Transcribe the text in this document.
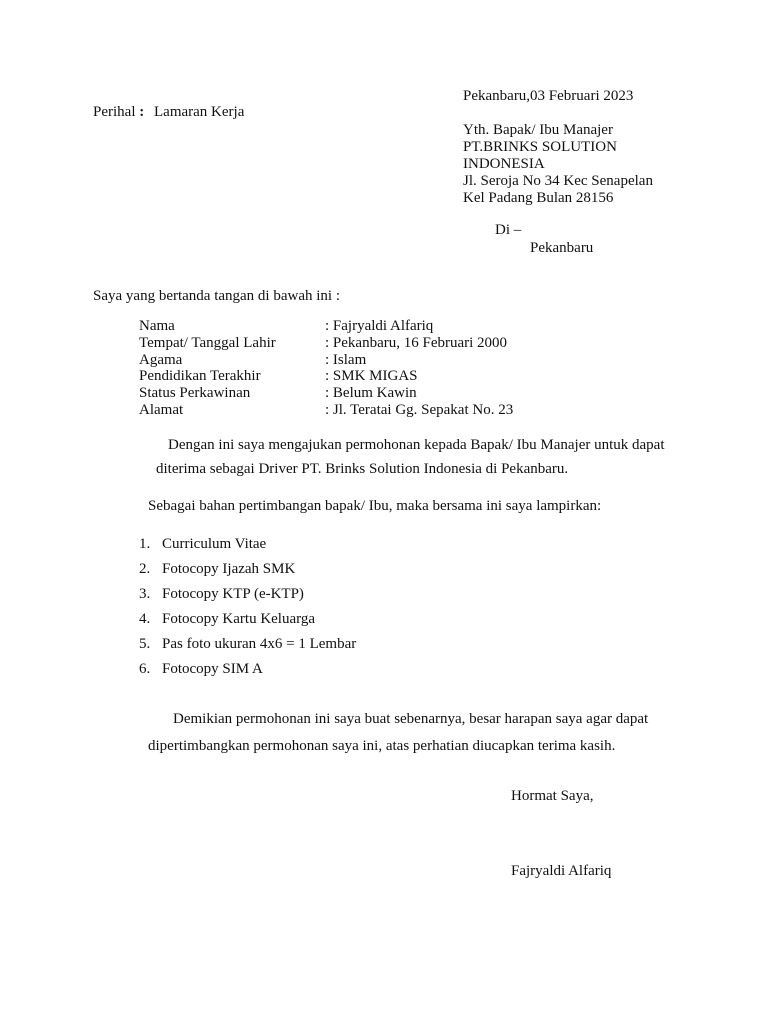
Pekanbaru,03 Februari 2023
Perihal : Lamaran Kerja
Yth. Bapak/ Ibu Manajer
PT.BRINKS SOLUTION
INDONESIA
Jl. Seroja No 34 Kec Senapelan
Kel Padang Bulan 28156
Di –
Pekanbaru
Saya yang bertanda tangan di bawah ini :
Nama	: Fajryaldi Alfariq
Tempat/ Tanggal Lahir	: Pekanbaru, 16 Februari 2000
Agama	: Islam
Pendidikan Terakhir	: SMK MIGAS
Status Perkawinan	: Belum Kawin
Alamat	: Jl. Teratai Gg. Sepakat No. 23
Dengan ini saya mengajukan permohonan kepada Bapak/ Ibu Manajer untuk dapat
diterima sebagai Driver PT. Brinks Solution Indonesia di Pekanbaru.
Sebagai bahan pertimbangan bapak/ Ibu, maka bersama ini saya lampirkan:
1. Curriculum Vitae
2. Fotocopy Ijazah SMK
3. Fotocopy KTP (e-KTP)
4. Fotocopy Kartu Keluarga
5. Pas foto ukuran 4x6 = 1 Lembar
6. Fotocopy SIM A
Demikian permohonan ini saya buat sebenarnya, besar harapan saya agar dapat
dipertimbangkan permohonan saya ini, atas perhatian diucapkan terima kasih.
Hormat Saya,
Fajryaldi Alfariq
